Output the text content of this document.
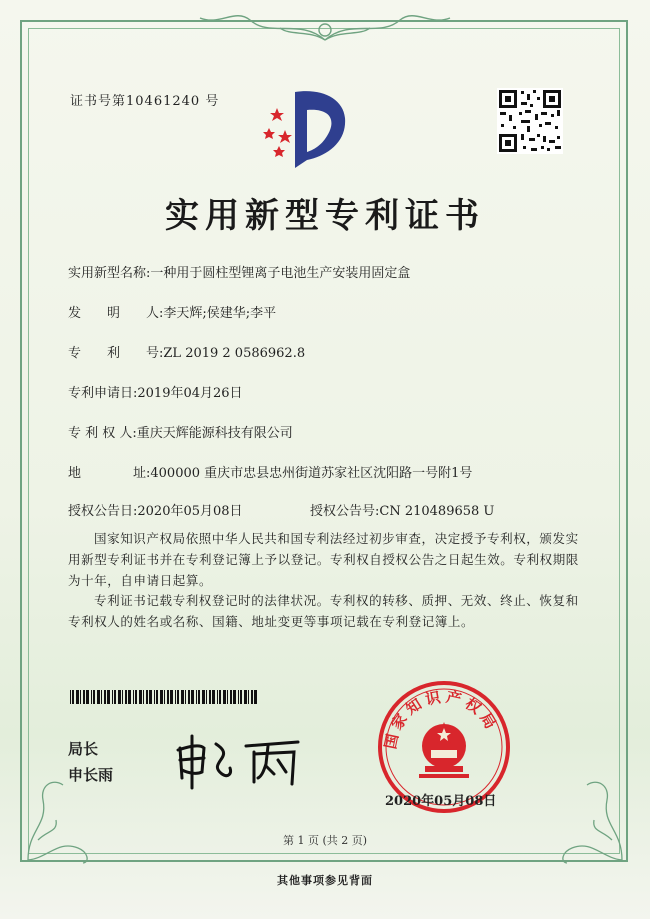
证书号第10461240 号
实用新型专利证书
实用新型名称:一种用于圆柱型锂离子电池生产安装用固定盒
发　　明　　人:李天辉;侯建华;李平
专　　利　　号:ZL 2019 2 0586962.8
专利申请日:2019年04月26日
专 利 权 人:重庆天辉能源科技有限公司
地　　　　址:400000 重庆市忠县忠州街道苏家社区沈阳路一号附1号
授权公告日:2020年05月08日	授权公告号:CN 210489658 U
国家知识产权局依照中华人民共和国专利法经过初步审查，决定授予专利权，颁发实用新型专利证书并在专利登记簿上予以登记。专利权自授权公告之日起生效。专利权期限为十年，自申请日起算。
专利证书记载专利权登记时的法律状况。专利权的转移、质押、无效、终止、恢复和专利权人的姓名或名称、国籍、地址变更等事项记载在专利登记簿上。
局长
申长雨
国家知识产权局
2020年05月08日
第 1 页 (共 2 页)
其他事项参见背面
